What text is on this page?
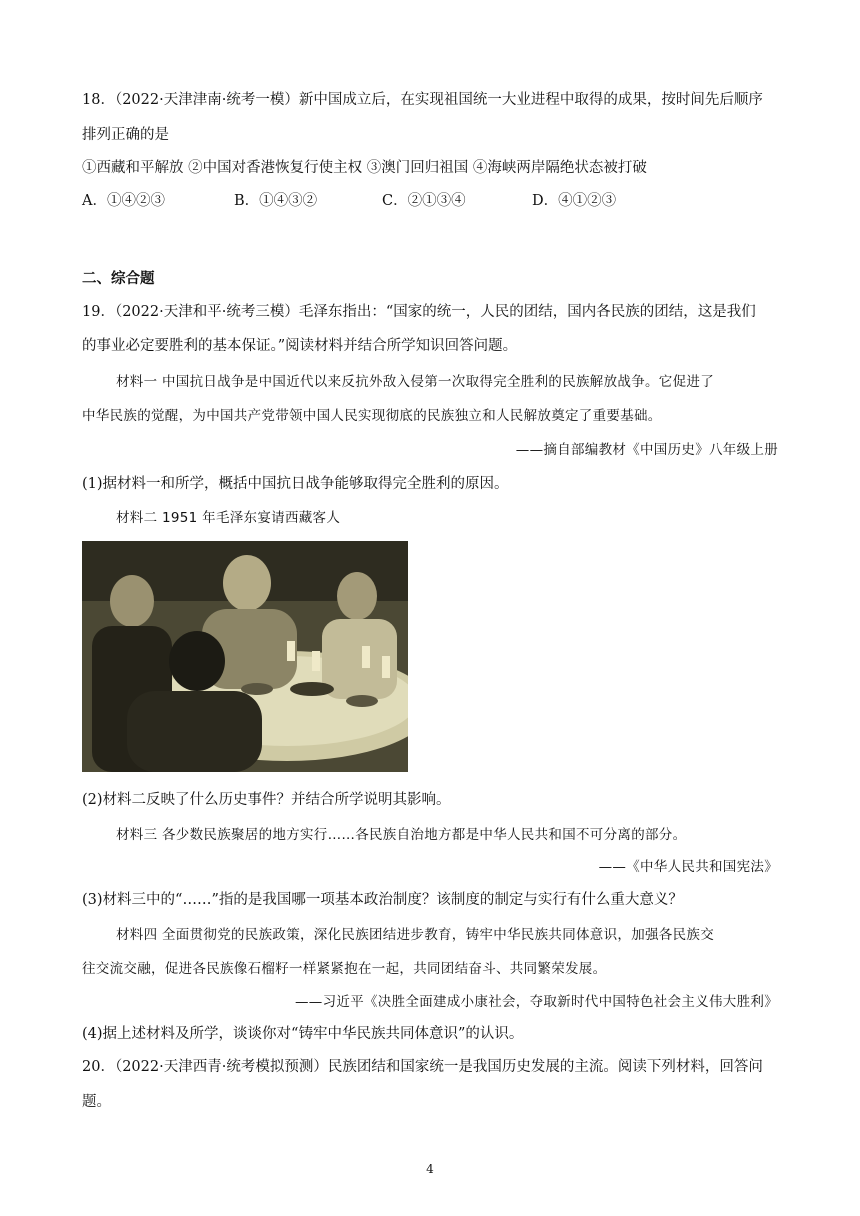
18．（2022·天津津南·统考一模）新中国成立后，在实现祖国统一大业进程中取得的成果，按时间先后顺序
排列正确的是
①西藏和平解放 ②中国对香港恢复行使主权 ③澳门回归祖国 ④海峡两岸隔绝状态被打破
A．①④②③	B．①④③②	C．②①③④	D．④①②③
二、综合题
19．（2022·天津和平·统考三模）毛泽东指出：“国家的统一，人民的团结，国内各民族的团结，这是我们
的事业必定要胜利的基本保证。”阅读材料并结合所学知识回答问题。
材料一 中国抗日战争是中国近代以来反抗外敌入侵第一次取得完全胜利的民族解放战争。它促进了
中华民族的觉醒，为中国共产党带领中国人民实现彻底的民族独立和人民解放奠定了重要基础。
——摘自部编教材《中国历史》八年级上册
(1)据材料一和所学，概括中国抗日战争能够取得完全胜利的原因。
材料二 1951 年毛泽东宴请西藏客人
(2)材料二反映了什么历史事件？并结合所学说明其影响。
材料三 各少数民族聚居的地方实行……各民族自治地方都是中华人民共和国不可分离的部分。
——《中华人民共和国宪法》
(3)材料三中的“……”指的是我国哪一项基本政治制度？该制度的制定与实行有什么重大意义？
材料四 全面贯彻党的民族政策，深化民族团结进步教育，铸牢中华民族共同体意识，加强各民族交
往交流交融，促进各民族像石榴籽一样紧紧抱在一起，共同团结奋斗、共同繁荣发展。
——习近平《决胜全面建成小康社会，夺取新时代中国特色社会主义伟大胜利》
(4)据上述材料及所学，谈谈你对“铸牢中华民族共同体意识”的认识。
20．（2022·天津西青·统考模拟预测）民族团结和国家统一是我国历史发展的主流。阅读下列材料，回答问
题。
4
